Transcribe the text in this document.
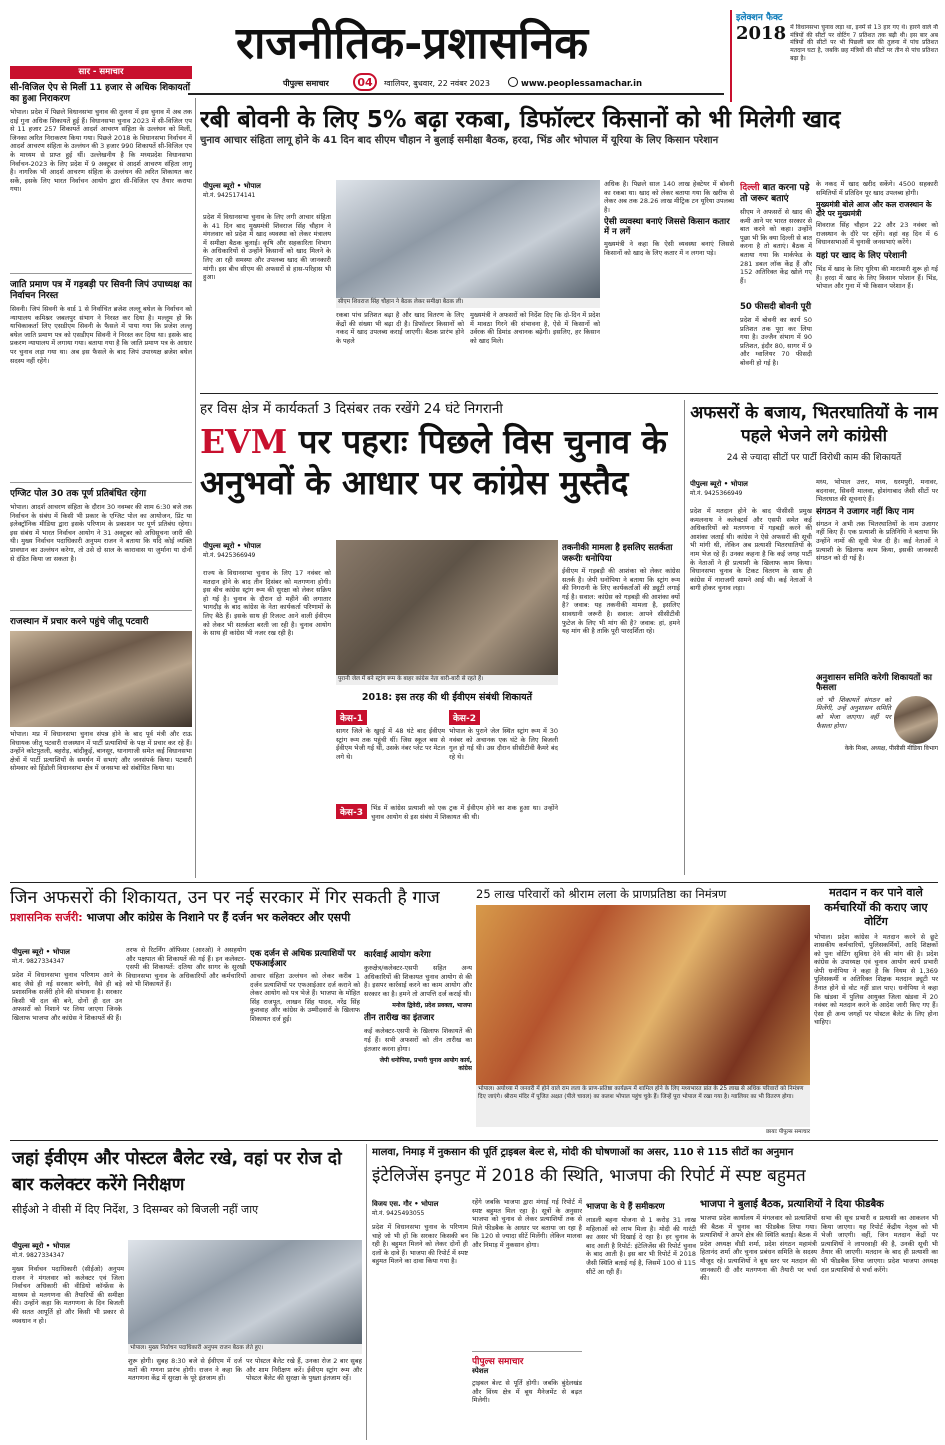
राजनीतिक-प्रशासनिक
पीपुल्स समाचार	04	ग्वालियर, बुधवार, 22 नवंबर 2023	www.peoplessamachar.in
इलेक्शन फैक्ट
2018 में विधानसभा चुनाव लड़ा था, इनमें से 13 हार गए थे। हारने वाले नौ मंत्रियों की सीटों पर वोटिंग 7 प्रतिशत तक बढ़ी थी। इस बार अब मंत्रियों की सीटों पर भी पिछली बार की तुलना में पांच प्रतिशत मतदान घटा है, जबकि छह मंत्रियों की सीटों पर तीन से पांच प्रतिशत बढ़ा है।
सार - समाचार
सी-विजिल ऐप से मिलीं 11 हजार से अधिक शिकायतों का हुआ निराकरण
भोपाल। प्रदेश में पिछले विधानसभा चुनाव की तुलना में इस चुनाव में अब तक दाई गुना अधिक शिकायतें हुई हैं। विधानसभा चुनाव 2023 में सी-विजिल एप से 11 हजार 257 शिकायतें आदर्श आचरण संहिता के उल्लंघन को मिलीं, जिनका त्वरित निराकरण किया गया। पिछले 2018 के विधानसभा निर्वाचन में आदर्श आचरण संहिता के उल्लंघन की 3 हजार 990 शिकायतें सी-विजिल एप के माध्यम से प्राप्त हुई थीं। उल्लेखनीय है कि मध्यप्रदेश विधानसभा निर्वाचन-2023 के लिए प्रदेश में 9 अक्टूबर से आदर्श आचरण संहिता लागू है। नागरिक भी आदर्श आचरण संहिता के उल्लंघन की त्वरित शिकायत कर सकें, इसके लिए भारत निर्वाचन आयोग द्वारा सी-विजिल एप तैयार कराया गया।
जाति प्रमाण पत्र में गड़बड़ी पर सिवनी जिपं उपाध्यक्ष का निर्वाचन निरस्त
सिवनी। जिपं सिवनी के वार्ड 1 से निर्वाचित ब्रजेश लल्लू बघेल के निर्वाचन को न्यायालय कमिश्नर जबलपुर संभाग ने निरस्त कर दिया है। मल्लूम हो कि याचिकाकर्ता लिए एसडीएम सिवनी के फैसले में पाया गया कि प्रजेश लल्लू बघेल जाति प्रमाण पत्र को एसडीएम सिवनी ने निरस्त कर दिया था। इसके बाद प्रकरण न्यायालय में लगाया गया। बताया गया है कि जाति प्रमाण पत्र के आधार पर चुनाव लड़ा गया था। अब इस फैसले के बाद जिपं उपाध्यक्ष ब्रजेश बघेल सदस्य नहीं रहेंगे।
एग्जिट पोल 30 तक पूर्ण प्रतिबंधित रहेगा
भोपाल। आदर्श आचरण संहिता के दौरान 30 नवम्बर की शाम 6:30 बजे तक निर्वाचन के संबंध में किसी भी प्रकार के एग्जिट पोल का आयोजन, प्रिंट या इलेक्ट्रॉनिक मीडिया द्वारा इसके परिणाम के प्रकाशन पर पूर्ण प्रतिबंध रहेगा। इस संबंध में भारत निर्वाचन आयोग ने 31 अक्टूबर को अधिसूचना जारी की थी। मुख्य निर्वाचन पदाधिकारी अनुपम राजन ने बताया कि यदि कोई व्यक्ति प्रावधान का उल्लंघन करेगा, तो उसे दो साल के कारावास या जुर्माना या दोनों से दंडित किया जा सकता है।
राजस्थान में प्रचार करने पहुंचे जीतू पटवारी
भोपाल। मप्र में विधानसभा चुनाव संपन्न होने के बाद पूर्व मंत्री और राऊ विधायक जीतू पटवारी राजस्थान में पार्टी प्रत्याशियों के पक्ष में प्रचार कर रहे हैं। उन्होंने कोटपुतली, बहरोड़, बांदीकुई, बानसूर, थानागाजी समेत कई विधानसभा क्षेत्रों में पार्टी प्रत्याशियों के समर्थन में सभाएं और जनसंपर्क किया। पटवारी सोमवार को हिंडोली विधानसभा क्षेत्र में जनसभा को संबोधित किया था।
रबी बोवनी के लिए 5% बढ़ा रकबा, डिफॉल्टर किसानों को भी मिलेगी खाद
चुनाव आचार संहिता लागू होने के 41 दिन बाद सीएम चौहान ने बुलाई समीक्षा बैठक, हरदा, भिंड और भोपाल में यूरिया के लिए किसान परेशान
पीपुल्स ब्यूरो • भोपाल
मो.नं. 9425174141
प्रदेश में विधानसभा चुनाव के लिए लगी आचार संहिता के 41 दिन बाद मुख्यमंत्री शिवराज सिंह चौहान ने मंगलवार को प्रदेश में खाद व्यवस्था को लेकर मंत्रालय में समीक्षा बैठक बुलाई। कृषि और सहकारिता विभाग के अधिकारियों से उन्होंने किसानों को खाद मिलने के लिए आ रही समस्या और उपलब्ध खाद की जानकारी मांगी। इस बीच सीएम की अफसरों से हास-परिहास भी हुआ।
सीएम शिवराज सिंह चौहान ने बैठक लेकर समीक्षा बैठक ली।
रकबा पांच प्रतिशत बढ़ा है और खाद वितरण के लिए केंद्रों की संख्या भी बढ़ा दी है। डिफॉल्टर किसानों को नकद में खाद उपलब्ध कराई जाएगी। बैठक प्रारंभ होने के पहले
मुख्यमंत्री ने अफसरों को निर्देश दिए कि दो-दिन में प्रदेश में मावठा गिरने की संभावना है, ऐसे में किसानों को उर्वरक की डिमांड अचानक बढ़ेगी। इसलिए, हर किसान को खाद मिले।
अधिक है। पिछले साल 140 लाख हेक्टेयर में बोवनी का रकबा था। खाद को लेकर बताया गया कि खरीफ से लेकर अब तक 28.26 लाख मीट्रिक टन यूरिया उपलब्ध है।
ऐसी व्यवस्था बनाएं जिससे किसान कतार में न लगें
मुख्यमंत्री ने कहा कि ऐसी व्यवस्था बनाएं जिससे किसानों को खाद के लिए कतार में न लगना पड़े।
दिल्ली बात करना पड़े तो जरूर बताएं
सीएम ने अफसरों से खाद की कमी आने पर भारत सरकार से बात करने को कहा। उन्होंने पूछा भी कि क्या दिल्ली से बात करना है तो बताएं। बैठक में बताया गया कि मार्कफेड के 281 डबल लॉक केंद्र हैं और 152 अतिरिक्त केंद्र खोले गए हैं।
50 फीसदी बोवनी पूरी
प्रदेश में बोवनी का कार्य 50 प्रतिशत तक पूरा कर लिया गया है। उज्जैन संभाग में 90 प्रतिशत, इंदौर 80, सागर में 9 और ग्वालियर 70 फीसदी बोवनी हो गई है।
के नकद में खाद खरीद सकेंगे। 4500 सहकारी समितियों में प्रतिदिन पूर खाद उपलब्ध होगी।
मुख्यमंत्री बोले आज और कल राजस्थान के दौरे पर मुख्यमंत्री
शिवराज सिंह चौहान 22 और 23 नवंबर को राजस्थान के दौरे पर रहेंगे। वहां वह दिन में 6 विधानसभाओं में चुनावी जनसभाएं करेंगे।
यहां पर खाद के लिए परेशानी
भिंड में खाद के लिए यूरिया की मारामारी शुरू हो गई है। हरदा में खाद के लिए किसान परेशान हैं। भिंड, भोपाल और गुना में भी किसान परेशान हैं।
हर विस क्षेत्र में कार्यकर्ता 3 दिसंबर तक रखेंगे 24 घंटे निगरानी
EVM पर पहराः पिछले विस चुनाव के अनुभवों के आधार पर कांग्रेस मुस्तैद
पीपुल्स ब्यूरो • भोपाल
मो.नं. 9425366949
राज्य के विधानसभा चुनाव के लिए 17 नवंबर को मतदान होने के बाद तीन दिसंबर को मतगणना होगी। इस बीच कांग्रेस स्ट्रांग रूम की सुरक्षा को लेकर सक्रिय हो गई है। चुनाव के दौरान दो महीने की लगातार भागदौड़ के बाद कांग्रेस के नेता कार्यकर्ता परिणामों के लिए बैठे हैं। इसके साथ ही रिजल्ट आने वाली ईवीएम को लेकर भी सतर्कता बरती जा रही है। चुनाव आयोग के साथ ही कांग्रेस भी नजर रख रही है।
पुरानी जेल में बने स्ट्रांग रूम के बाहर कांग्रेस नेता बारी-बारी से रहते हैं।
2018: इस तरह की थी ईवीएम संबंधी शिकायतें
केस-1
सागर जिले के खुरई में 48 घंटे बाद ईवीएम स्ट्रांग रूम तक पहुंची थीं। जिस स्कूल बस से ईवीएम भेजी गई थीं, उसके नंबर प्लेट पर मेटल लगे थे।
केस-2
भोपाल के पुराने जेल स्थित स्ट्रांग रूम में 30 नवंबर को अचानक एक घंटे के लिए बिजली गुल हो गई थी। उस दौरान सीसीटीवी कैमरे बंद रहे थे।
केस-3	भिंड में कांग्रेस प्रत्याशी को एक ट्रक में ईवीएम होने का शक हुआ था। उन्होंने चुनाव आयोग से इस संबंध में शिकायत की थी।
तकनीकी मामला है इसलिए सतर्कता जरूरीः धनोपिया
ईवीएम में गड़बड़ी की आशंका को लेकर कांग्रेस सतर्क है। जेपी धनोपिया ने बताया कि स्ट्रांग रूम की निगरानी के लिए कार्यकर्ताओं की ड्यूटी लगाई गई है। सवाल: कांग्रेस को गड़बड़ी की आशंका क्यों है? जवाब: यह तकनीकी मामला है, इसलिए सावधानी जरूरी है। सवाल: आपने सीसीटीवी फुटेज के लिए भी मांग की है? जवाब: हां, हमने यह मांग की है ताकि पूरी पारदर्शिता रहे।
अफसरों के बजाय, भितरघातियों के नाम पहले भेजने लगे कांग्रेसी
24 से ज्यादा सीटों पर पार्टी विरोधी काम की शिकायतें
पीपुल्स ब्यूरो • भोपाल
मो.नं. 9425366949
प्रदेश में मतदान होने के बाद पीसीसी प्रमुख कमलनाथ ने कलेक्टर्स और एसपी समेत कई अधिकारियों को मतगणना में गड़बड़ी करने की आशंका जताई थी। कांग्रेस ने ऐसे अफसरों की सूची भी मांगी थी, लेकिन अब प्रत्याशी भितरघातियों के नाम भेज रहे हैं। उनका कहना है कि कई जगह पार्टी के नेताओं ने ही प्रत्याशी के खिलाफ काम किया। विधानसभा चुनाव के टिकट वितरण के साथ ही कांग्रेस में नाराजगी सामने आई थी। कई नेताओं ने बागी होकर चुनाव लड़ा।
मध्य, भोपाल उत्तर, मध्य, धरमपुरी, मनावर, बदनावर, सिवनी मालवा, होशंगाबाद जैसी सीटों पर भितरघात की सूचनाएं हैं।
संगठन ने उजागर नहीं किए नाम
संगठन ने अभी तक भितरघातियों के नाम उजागर नहीं किए हैं। एक प्रत्याशी के प्रतिनिधि ने बताया कि उन्होंने नामों की सूची भेज दी है। कई नेताओं ने प्रत्याशी के खिलाफ काम किया, इसकी जानकारी संगठन को दी गई है।
अनुशासन समिति करेगी शिकायतों का फैसला
जो भी शिकायतें संगठन को मिलेंगी, उन्हें अनुशासन समिति को भेजा जाएगा। वहीं पर फैसला होगा।
केके मिश्रा, अध्यक्ष, पीसीसी मीडिया विभाग
जिन अफसरों की शिकायत, उन पर नई सरकार में गिर सकती है गाज
प्रशासनिक सर्जरी: भाजपा और कांग्रेस के निशाने पर हैं दर्जन भर कलेक्टर और एसपी
पीपुल्स ब्यूरो • भोपाल
मो.नं. 9827334347
प्रदेश में विधानसभा चुनाव परिणाम आने के बाद जैसे ही नई सरकार बनेगी, वैसे ही बड़े प्रशासनिक सर्जरी होने की संभावना है। सरकार किसी भी दल की बने, दोनों ही दल उन अफसरों को निशाने पर लिया जाएगा जिनके खिलाफ भाजपा और कांग्रेस ने शिकायतें की हैं।
तरफ से रिटर्निंग ऑफिसर (आरओ) ने असहयोग और पक्षपात की शिकायतें की गई हैं। इन कलेक्टर-एसपी की शिकायतें: दतिया और सागर के सुरखी विधानसभा चुनाव के अधिकारियों और कर्मचारियों को भी शिकायतें हैं।
एक दर्जन से अधिक प्रत्याशियों पर एफआईआर
आचार संहिता उल्लंघन को लेकर करीब 1 दर्जन प्रत्याशियों पर एफआईआर दर्ज कराने को लेकर आयोग को पत्र भेजे हैं। भाजपा के मोहित सिंह राजपूत, लाखन सिंह यादव, नरेंद्र सिंह कुशवाह और कांग्रेस के उम्मीदवारों के खिलाफ शिकायत दर्ज हुई।
कार्रवाई आयोग करेगा
कुरुक्षेत्र/कलेक्टर-एसपी सहित अन्य अधिकारियों की शिकायत चुनाव आयोग से की है। इसपर कार्रवाई करने का काम आयोग और सरकार का है। हमने तो आपत्ति दर्ज कराई थी।
मनोज द्विवेदी, प्रदेश प्रवक्ता, भाजपा
तीन तारीख का इंतजार
कई कलेक्टर-एसपी के खिलाफ शिकायतें की गई हैं। सभी अफसरों को तीन तारीख का इंतजार करना होगा।
जेपी धनोपिया, प्रभारी चुनाव आयोग कार्य, कांग्रेस
25 लाख परिवारों को श्रीराम लला के प्राणप्रतिष्ठा का निमंत्रण
भोपाल। अयोध्या में जनवरी में होने वाले राम लला के प्राण-प्रतिष्ठा कार्यक्रम में शामिल होने के लिए मध्यभारत प्रांत के 25 लाख से अधिक परिवारों को निमंत्रण दिए जाएंगे। श्रीराम मंदिर में पूजित अक्षत (पीले चावल) का कलश भोपाल पहुंच चुके हैं। जिन्हें पूरा भोपाल में रखा गया है। ग्वालियर का भी वितरण होगा।
छायाः पीपुल्स समाचार
मतदान न कर पाने वाले कर्मचारियों की कराए जाए वोटिंग
भोपाल। प्रदेश कांग्रेस ने मतदान करने से छूटे शासकीय कर्मचारियों, पुलिसकर्मियों, आदि शिक्षकों को पुनः वोटिंग सुविधा देने की मांग की है। प्रदेश कांग्रेस के उपाध्यक्ष एवं चुनाव आयोग कार्य प्रभारी जेपी धनोपिया ने कहा है कि नियम से 1,369 पुलिसकर्मी व अतिरिक्त शिक्षक मतदान ड्यूटी पर तैनात होने से वोट नहीं डाल पाए। धनोपिया ने कहा कि खंडवा में पुलिस आयुक्त जिला खंडवा में 20 नवंबर को मतदान करने के आदेश जारी किए गए हैं। ऐसा ही अन्य जगहों पर पोस्टल बैलेट के लिए होना चाहिए।
जहां ईवीएम और पोस्टल बैलेट रखे, वहां पर रोज दो बार कलेक्टर करेंगे निरीक्षण
सीईओ ने वीसी में दिए निर्देश, 3 दिसम्बर को बिजली नहीं जाए
पीपुल्स ब्यूरो • भोपाल
मो.नं. 9827334347
मुख्य निर्वाचन पदाधिकारी (सीईओ) अनुपम राजन ने मंगलवार को कलेक्टर एवं जिला निर्वाचन अधिकारी की वीडियो कॉन्फ्रेंस के माध्यम से मतगणना की तैयारियों की समीक्षा की। उन्होंने कहा कि मतगणना के दिन बिजली की सतत आपूर्ति हो और किसी भी प्रकार से व्यवधान न हो।
भोपाल। मुख्य निर्वाचन पदाधिकारी अनुपम राजन बैठक लेते हुए।
शुरू होगी। सुबह 8:30 बजे से ईवीएम में दर्ज मतों की गणना प्रारंभ होगी। राजन ने कहा कि मतगणना केंद्र में सुरक्षा के पूरे इंतजाम हों।
पर पोस्टल बैलेट रखे हैं, उनका रोज 2 बार सुबह और शाम निरीक्षण करें। ईवीएम स्ट्रांग रूम और पोस्टल बैलेट की सुरक्षा के पुख्ता इंतजाम रहें।
मालवा, निमाड़ में नुकसान की पूर्ति ट्राइबल बेल्ट से, मोदी की घोषणाओं का असर, 110 से 115 सीटों का अनुमान
इंटेलिजेंस इनपुट में 2018 की स्थिति, भाजपा की रिपोर्ट में स्पष्ट बहुमत
विजय एस. गौर • भोपाल
मो.नं. 9425493055
प्रदेश में विधानसभा चुनाव के परिणाम चाहे जो भी हों कि सरकार किसकी बन रही है। बहुमत मिलने को लेकर दोनों ही दलों के दावे हैं। भाजपा की रिपोर्ट में स्पष्ट बहुमत मिलने का दावा किया गया है।
रहेंगे जबकि भाजपा द्वारा मंगाई गई रिपोर्ट में स्पष्ट बहुमत मिल रहा है। सूत्रों के अनुसार भाजपा को चुनाव से लेकर प्रत्याशियों तक से मिले फीडबैक के आधार पर बताया जा रहा है कि 120 से ज्यादा सीटें मिलेंगी। लेकिन मालवा और निमाड़ में नुकसान होगा।
पीपुल्स समाचार
स्पेशल
ट्राइबल बेल्ट से पूर्ति होगी। जबकि बुंदेलखंड और विंध्य क्षेत्र में बूथ मैनेजमेंट से बढ़त मिलेगी।
भाजपा के ये हैं समीकरण
लाडली बहना योजना से 1 करोड़ 31 लाख महिलाओं को लाभ मिला है। मोदी की गारंटी का असर भी दिखाई दे रहा है। हर चुनाव के बाद आती है रिपोर्ट: इंटेलिजेंस की रिपोर्ट चुनाव के बाद आती है। इस बार भी रिपोर्ट में 2018 जैसी स्थिति बताई गई है, जिसमें 100 से 115 सीटें आ रही हैं।
भाजपा ने बुलाई बैठक, प्रत्याशियों ने दिया फीडबैक
भाजपा प्रदेश कार्यालय में मंगलवार को प्रत्याशियों की बैठक में चुनाव का फीडबैक लिया गया। प्रत्याशियों ने अपने क्षेत्र की स्थिति बताई। बैठक में प्रदेश अध्यक्ष वीडी शर्मा, प्रदेश संगठन महामंत्री हितानंद शर्मा और चुनाव प्रबंधन समिति के सदस्य मौजूद रहे। प्रत्याशियों ने बूथ स्तर पर मतदान की जानकारी दी और मतगणना की तैयारी पर चर्चा की।
सभा की सूच प्रभारी व प्रत्याशी का आकलन भी किया जाएगा। यह रिपोर्ट केंद्रीय नेतृत्व को भी भेजी जाएगी। वहीं, जिन मतदान केंद्रों पर प्रत्याशियों ने लापरवाही की है, उनकी सूची भी तैयार की जाएगी। मतदान के बाद ही प्रत्याशी का भी फीडबैक लिया जाएगा। प्रदेश भाजपा अध्यक्ष दल प्रत्याशियों से चर्चा करेंगे।
